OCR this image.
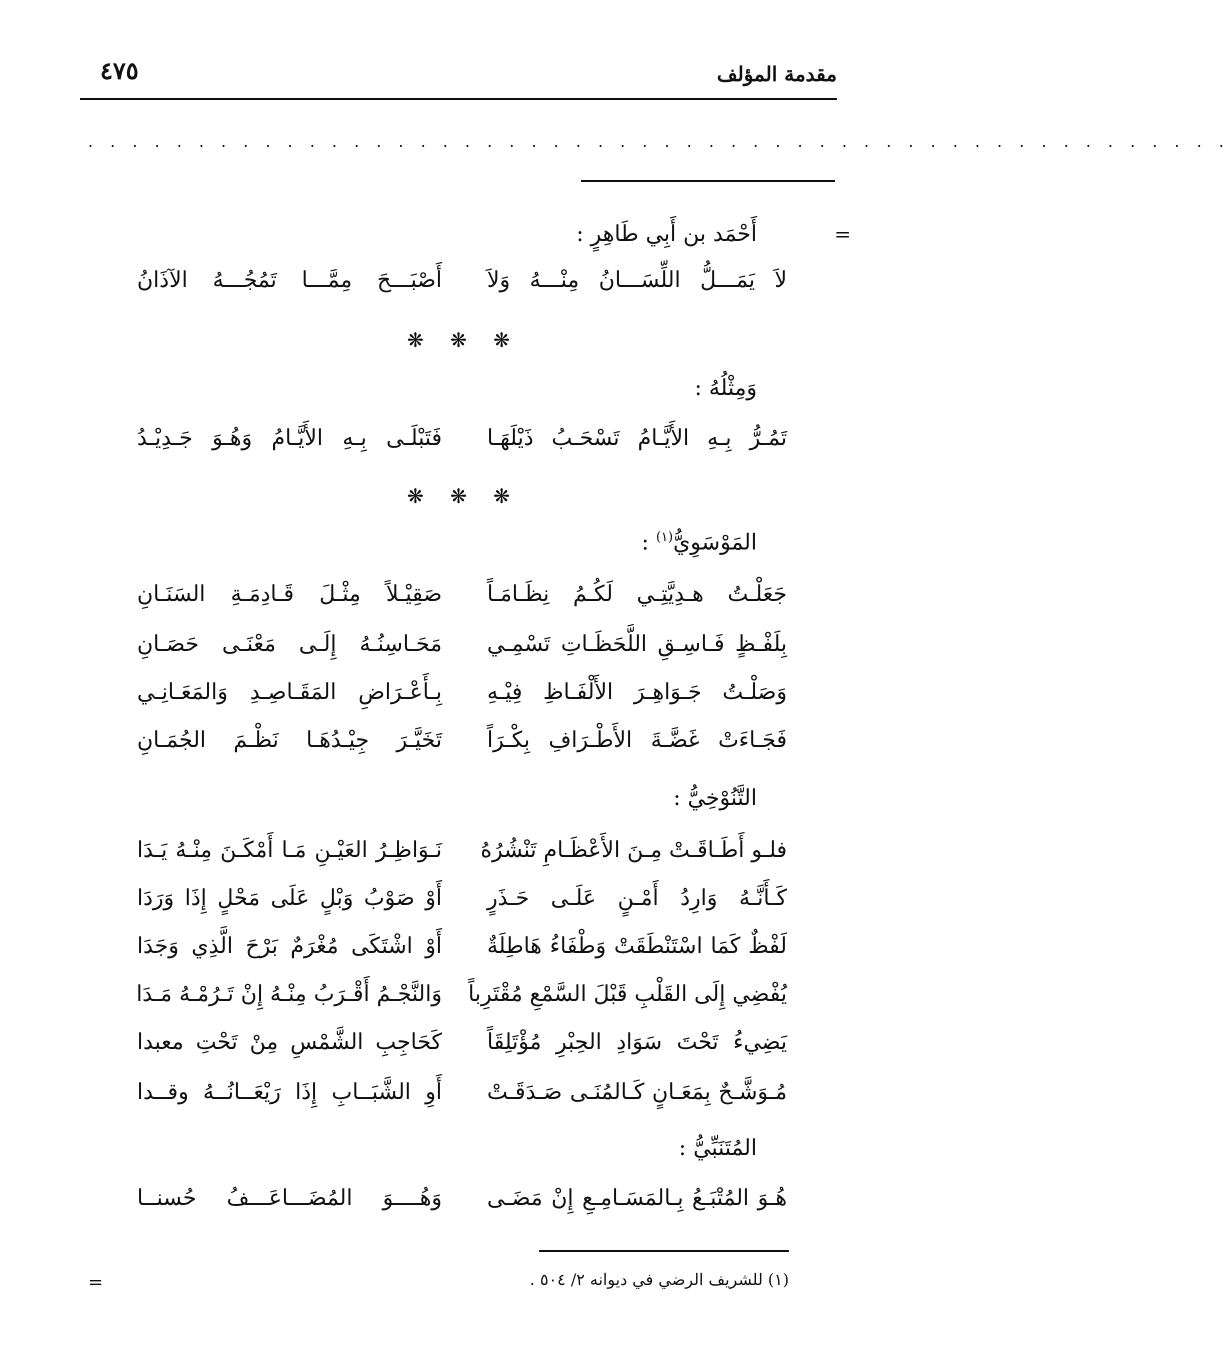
مقدمة المؤلف
٤٧٥
. . . . . . . . . . . . . . . . . . . . . . . . . . . . . . . . . . . . . . . . . . . . . . . . . . . .
=
أَحْمَد بن أَبِي طَاهِرٍ :
لاَ يَمَـــلُّ اللِّسَـــانُ مِنْـــهُ وَلاَ
أَصْبَـــحَ مِمَّـــا تَمُجُـــهُ الآذَانُ
❋ ❋ ❋
وَمِثْلُهُ :
تَمُـرُّ بِـهِ الأَيَّـامُ تَسْحَـبُ ذَيْلَهَـا
فَتَبْلَـى بِـهِ الأَيَّـامُ وَهُـوَ جَـدِيْـدُ
❋ ❋ ❋
المَوْسَوِيُّ$^{(١)}$ :
جَعَلْـتُ هـدِيَّتِـي لَكُـمُ نِظَـامَـاً
صَقِيْـلاً مِثْـلَ قَـادِمَـةِ السَنَـانِ
بِلَفْـظٍ فَـاسِـقِ اللَّحَظَـاتِ تَسْمِـي
مَحَـاسِنُـهُ إِلَـى مَعْنَـى حَصَـانِ
وَصَلْـتُ جَـوَاهِـرَ الأَلْفَـاظِ فِيْـهِ
بِـأَعْـرَاضِ المَقَـاصِـدِ وَالمَعَـانِـي
فَجَـاءَتْ غَضَّـةَ الأَطْـرَافِ بِكْـرَاً
تَخَيَّـرَ جِيْـدُهَـا نَظْـمَ الجُمَـانِ
التَّنُوْخِيُّ :
فلـو أَطَـاقَـتْ مِـنَ الأَعْظَـامِ تَنْشُرُهُ
نَـوَاظِـرُ العَيْـنِ مَـا أَمْكَـنَ مِنْـهُ يَـدَا
كَـأَنَّـهُ وَارِدُ أَمْـنٍ عَلَـى حَـذَرٍ
أَوْ صَوْبُ وَبْلٍ عَلَى مَحْلٍ إِذَا وَرَدَا
لَفْظٌ كَمَا اسْتَنْطَقَتْ وَطْفَاءُ هَاطِلَةٌ
أَوْ اشْتَكَى مُغْرَمٌ بَرْحَ الَّذِي وَجَدَا
يُفْضِي إِلَى القَلْبِ قَبْلَ السَّمْعِ مُقْتَرِباً
وَالنَّجْـمُ أَقْـرَبُ مِنْـهُ إِنْ تَـرُمْـهُ مَـدَا
يَضِيءُ تَحْتَ سَوَادِ الحِبْرِ مُؤْتَلِقَاً
كَحَاجِبِ الشَّمْسِ مِنْ تَحْتِ معبدا
مُـوَشَّـحٌ بِمَعَـانٍ كَـالمُنَـى صَـدَقَـتْ
أَوِ الشَّبَــابِ إِذَا رَيْعَــانُــهُ وقــدا
المُتَنَبِّيُّ :
هُـوَ المُتْبَـعُ بِـالمَسَـامِـعِ إِنْ مَضَـى
وَهُــــوَ المُضَـــاعَـــفُ حُسنــا
(١) للشريف الرضي في ديوانه ٢/ ٥٠٤ .
=
